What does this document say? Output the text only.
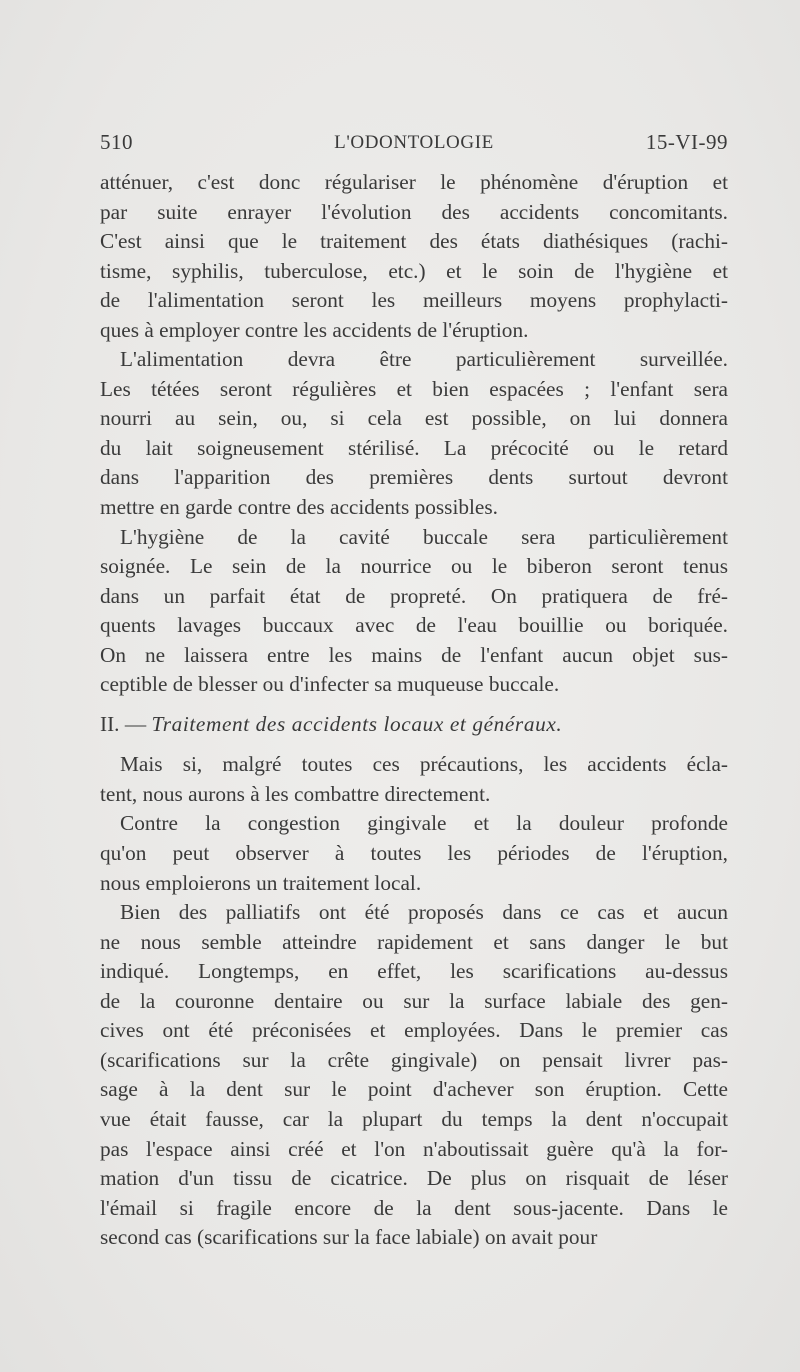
510	L'ODONTOLOGIE	15-VI-99

atténuer, c'est donc régulariser le phénomène d'éruption et
par suite enrayer l'évolution des accidents concomitants.
C'est ainsi que le traitement des états diathésiques (rachi-
tisme, syphilis, tuberculose, etc.) et le soin de l'hygiène et
de l'alimentation seront les meilleurs moyens prophylacti-
ques à employer contre les accidents de l'éruption.

L'alimentation devra être particulièrement surveillée.
Les tétées seront régulières et bien espacées ; l'enfant sera
nourri au sein, ou, si cela est possible, on lui donnera
du lait soigneusement stérilisé. La précocité ou le retard
dans l'apparition des premières dents surtout devront
mettre en garde contre des accidents possibles.

L'hygiène de la cavité buccale sera particulièrement
soignée. Le sein de la nourrice ou le biberon seront tenus
dans un parfait état de propreté. On pratiquera de fré-
quents lavages buccaux avec de l'eau bouillie ou boriquée.
On ne laissera entre les mains de l'enfant aucun objet sus-
ceptible de blesser ou d'infecter sa muqueuse buccale.

II. — Traitement des accidents locaux et généraux.

Mais si, malgré toutes ces précautions, les accidents écla-
tent, nous aurons à les combattre directement.

Contre la congestion gingivale et la douleur profonde
qu'on peut observer à toutes les périodes de l'éruption,
nous emploierons un traitement local.

Bien des palliatifs ont été proposés dans ce cas et aucun
ne nous semble atteindre rapidement et sans danger le but
indiqué. Longtemps, en effet, les scarifications au-dessus
de la couronne dentaire ou sur la surface labiale des gen-
cives ont été préconisées et employées. Dans le premier cas
(scarifications sur la crête gingivale) on pensait livrer pas-
sage à la dent sur le point d'achever son éruption. Cette
vue était fausse, car la plupart du temps la dent n'occupait
pas l'espace ainsi créé et l'on n'aboutissait guère qu'à la for-
mation d'un tissu de cicatrice. De plus on risquait de léser
l'émail si fragile encore de la dent sous-jacente. Dans le
second cas (scarifications sur la face labiale) on avait pour
